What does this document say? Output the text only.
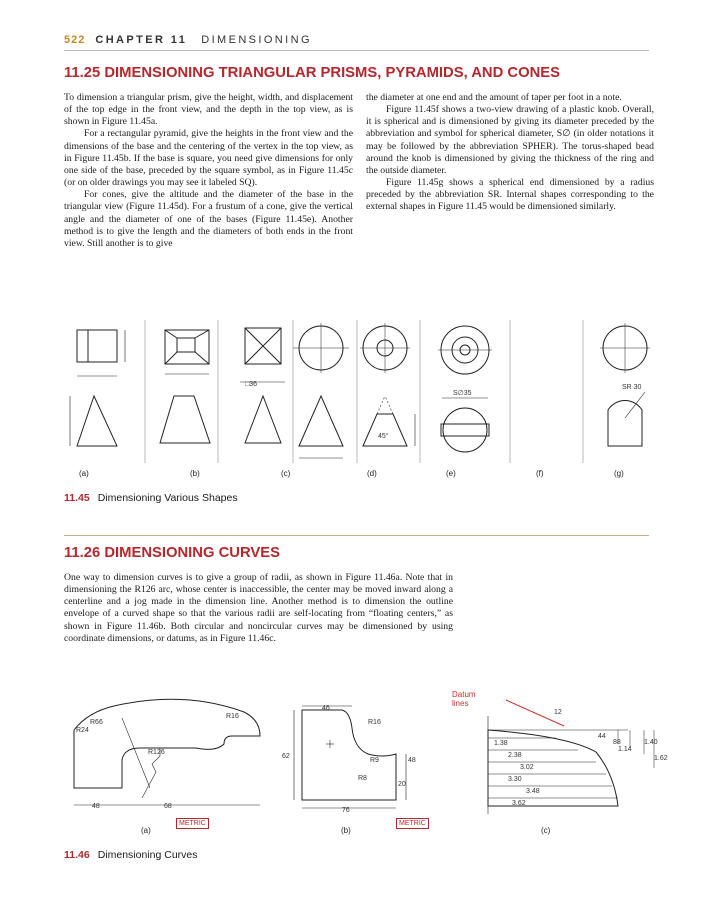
522 CHAPTER 11 DIMENSIONING
11.25 DIMENSIONING TRIANGULAR PRISMS, PYRAMIDS, AND CONES

To dimension a triangular prism, give the height, width, and displacement of the top edge in the front view, and the depth in the top view, as is shown in Figure 11.45a.

For a rectangular pyramid, give the heights in the front view and the dimensions of the base and the centering of the vertex in the top view, as in Figure 11.45b. If the base is square, you need give dimensions for only one side of the base, preceded by the square symbol, as in Figure 11.45c (or on older drawings you may see it labeled SQ).

For cones, give the altitude and the diameter of the base in the triangular view (Figure 11.45d). For a frustum of a cone, give the vertical angle and the diameter of one of the bases (Figure 11.45e). Another method is to give the length and the diameters of both ends in the front view. Still another is to give

the diameter at one end and the amount of taper per foot in a note.

Figure 11.45f shows a two-view drawing of a plastic knob. Overall, it is spherical and is dimensioned by giving its diameter preceded by the abbreviation and symbol for spherical diameter, S∅ (in older notations it may be followed by the abbreviation SPHER). The torus-shaped bead around the knob is dimensioned by giving the thickness of the ring and the outside diameter.

Figure 11.45g shows a spherical end dimensioned by a radius preceded by the abbreviation SR. Internal shapes corresponding to the external shapes in Figure 11.45 would be dimensioned similarly.

□36
45°
S∅35
SR 30
(a)	(b)	(c)	(d)	(e)	(f)	(g)
11.45 Dimensioning Various Shapes
11.26 DIMENSIONING CURVES

One way to dimension curves is to give a group of radii, as shown in Figure 11.46a. Note that in dimensioning the R126 arc, whose center is inaccessible, the center may be moved inward along a centerline and a jog made in the dimension line. Another method is to dimension the outline envelope of a curved shape so that the various radii are self-locating from “floating centers,” as shown in Figure 11.46b. Both circular and noncircular curves may be dimensioned by using coordinate dimensions, or datums, as in Figure 11.46c.

R24
R66
R16
R126
48	68
46
R16
62
R9	48
R8
20
76
12
44
88
1.14
1.40
1.62
1.38
2.38
3.02
3.30
3.48
3.62
Datum lines
METRIC	METRIC
(a)	(b)	(c)
11.46 Dimensioning Curves
